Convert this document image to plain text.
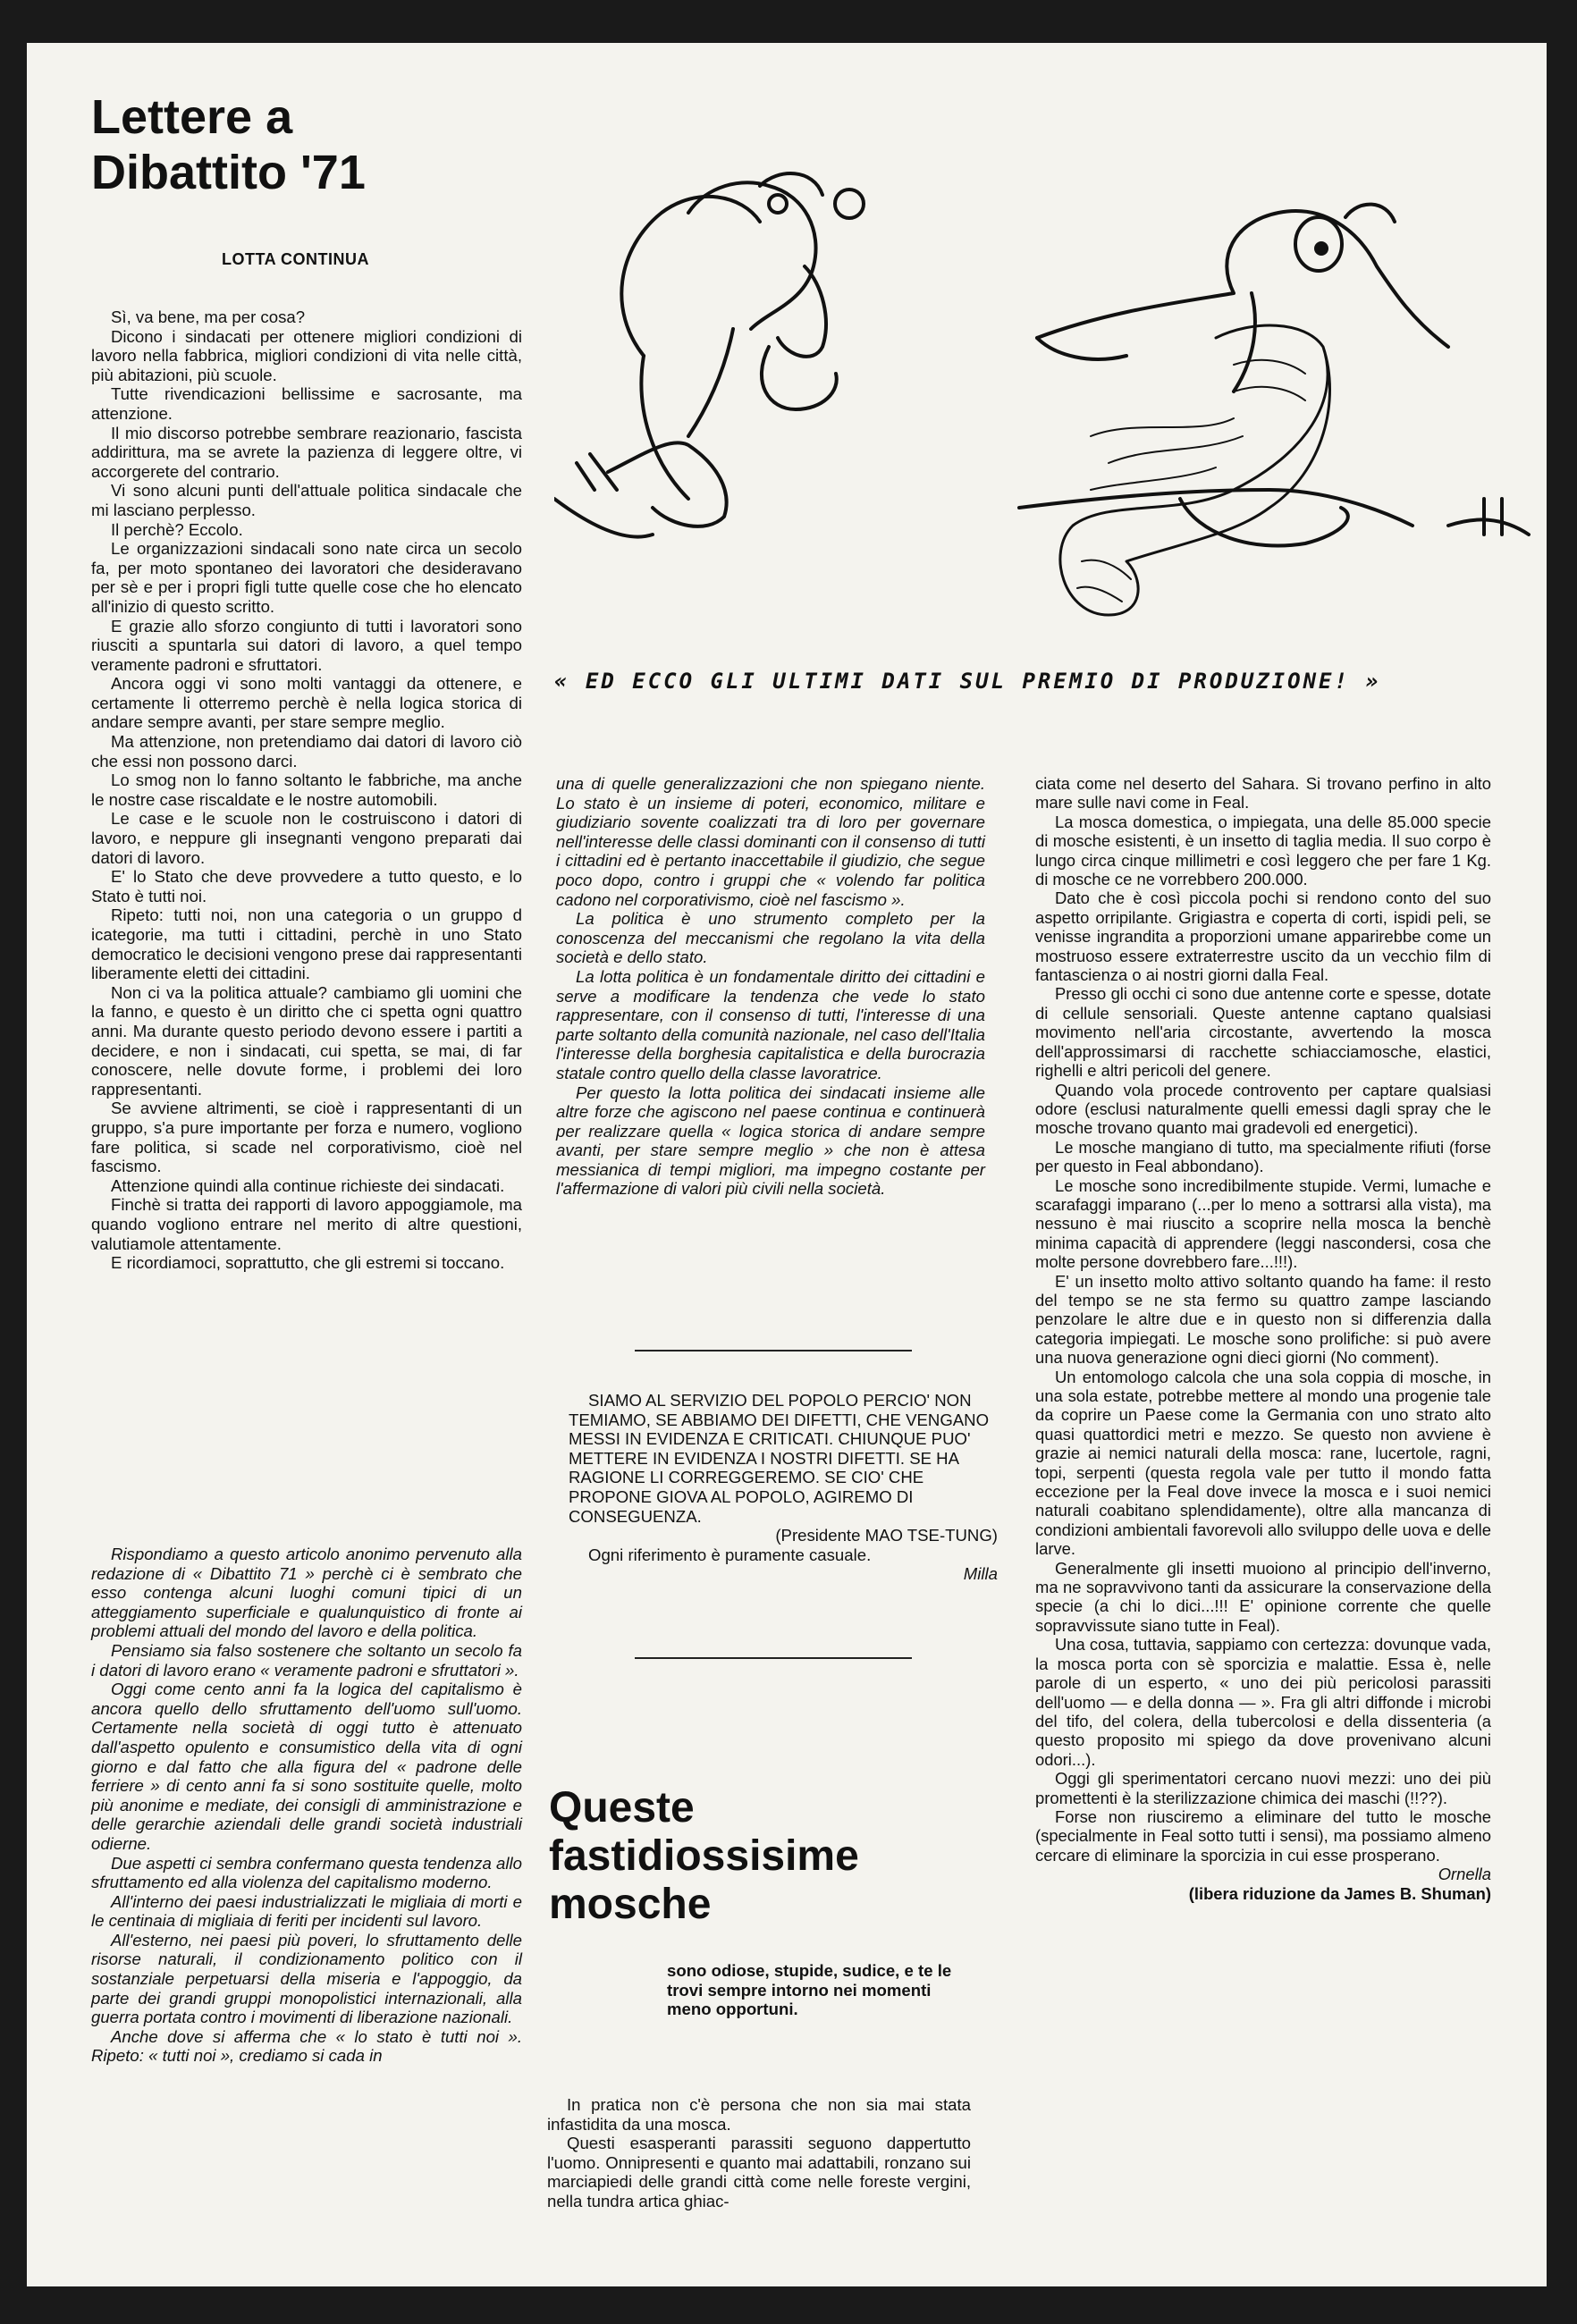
Lettere a
Dibattito '71
LOTTA CONTINUA

Sì, va bene, ma per cosa?

Dicono i sindacati per ottenere migliori condizioni di lavoro nella fabbrica, migliori condizioni di vita nelle città, più abitazioni, più scuole.

Tutte rivendicazioni bellissime e sacrosante, ma attenzione.

Il mio discorso potrebbe sembrare reazionario, fascista addirittura, ma se avrete la pazienza di leggere oltre, vi accorgerete del contrario.

Vi sono alcuni punti dell'attuale politica sindacale che mi lasciano perplesso.

Il perchè? Eccolo.

Le organizzazioni sindacali sono nate circa un secolo fa, per moto spontaneo dei lavoratori che desideravano per sè e per i propri figli tutte quelle cose che ho elencato all'inizio di questo scritto.

E grazie allo sforzo congiunto di tutti i lavoratori sono riusciti a spuntarla sui datori di lavoro, a quel tempo veramente padroni e sfruttatori.

Ancora oggi vi sono molti vantaggi da ottenere, e certamente li otterremo perchè è nella logica storica di andare sempre avanti, per stare sempre meglio.

Ma attenzione, non pretendiamo dai datori di lavoro ciò che essi non possono darci.

Lo smog non lo fanno soltanto le fabbriche, ma anche le nostre case riscaldate e le nostre automobili.

Le case e le scuole non le costruiscono i datori di lavoro, e neppure gli insegnanti vengono preparati dai datori di lavoro.

E' lo Stato che deve provvedere a tutto questo, e lo Stato è tutti noi.

Ripeto: tutti noi, non una categoria o un gruppo d icategorie, ma tutti i cittadini, perchè in uno Stato democratico le decisioni vengono prese dai rappresentanti liberamente eletti dei cittadini.

Non ci va la politica attuale? cambiamo gli uomini che la fanno, e questo è un diritto che ci spetta ogni quattro anni. Ma durante questo periodo devono essere i partiti a decidere, e non i sindacati, cui spetta, se mai, di far conoscere, nelle dovute forme, i problemi dei loro rappresentanti.

Se avviene altrimenti, se cioè i rappresentanti di un gruppo, s'a pure importante per forza e numero, vogliono fare politica, si scade nel corporativismo, cioè nel fascismo.

Attenzione quindi alla continue richieste dei sindacati.

Finchè si tratta dei rapporti di lavoro appoggiamole, ma quando vogliono entrare nel merito di altre questioni, valutiamole attentamente.

E ricordiamoci, soprattutto, che gli estremi si toccano.

« ED ECCO GLI ULTIMI DATI SUL PREMIO DI PRODUZIONE! »

Rispondiamo a questo articolo anonimo pervenuto alla redazione di « Dibattito 71 » perchè ci è sembrato che esso contenga alcuni luoghi comuni tipici di un atteggiamento superficiale e qualunquistico di fronte ai problemi attuali del mondo del lavoro e della politica.

Pensiamo sia falso sostenere che soltanto un secolo fa i datori di lavoro erano « veramente padroni e sfruttatori ».

Oggi come cento anni fa la logica del capitalismo è ancora quello dello sfruttamento dell'uomo sull'uomo. Certamente nella società di oggi tutto è attenuato dall'aspetto opulento e consumistico della vita di ogni giorno e dal fatto che alla figura del « padrone delle ferriere » di cento anni fa si sono sostituite quelle, molto più anonime e mediate, dei consigli di amministrazione e delle gerarchie aziendali delle grandi società industriali odierne.

Due aspetti ci sembra confermano questa tendenza allo sfruttamento ed alla violenza del capitalismo moderno.

All'interno dei paesi industrializzati le migliaia di morti e le centinaia di migliaia di feriti per incidenti sul lavoro.

All'esterno, nei paesi più poveri, lo sfruttamento delle risorse naturali, il condizionamento politico con il sostanziale perpetuarsi della miseria e l'appoggio, da parte dei grandi gruppi monopolistici internazionali, alla guerra portata contro i movimenti di liberazione nazionali.

Anche dove si afferma che « lo stato è tutti noi ». Ripeto: « tutti noi », crediamo si cada in

una di quelle generalizzazioni che non spiegano niente. Lo stato è un insieme di poteri, economico, militare e giudiziario sovente coalizzati tra di loro per governare nell'interesse delle classi dominanti con il consenso di tutti i cittadini ed è pertanto inaccettabile il giudizio, che segue poco dopo, contro i gruppi che « volendo far politica cadono nel corporativismo, cioè nel fascismo ».

La politica è uno strumento completo per la conoscenza del meccanismi che regolano la vita della società e dello stato.

La lotta politica è un fondamentale diritto dei cittadini e serve a modificare la tendenza che vede lo stato rappresentare, con il consenso di tutti, l'interesse di una parte soltanto della comunità nazionale, nel caso dell'Italia l'interesse della borghesia capitalistica e della burocrazia statale contro quello della classe lavoratrice.

Per questo la lotta politica dei sindacati insieme alle altre forze che agiscono nel paese continua e continuerà per realizzare quella « logica storica di andare sempre avanti, per stare sempre meglio » che non è attesa messianica di tempi migliori, ma impegno costante per l'affermazione di valori più civili nella società.

SIAMO AL SERVIZIO DEL POPOLO PERCIO' NON TEMIAMO, SE ABBIAMO DEI DIFETTI, CHE VENGANO MESSI IN EVIDENZA E CRITICATI. CHIUNQUE PUO' METTERE IN EVIDENZA I NOSTRI DIFETTI. SE HA RAGIONE LI CORREGGEREMO. SE CIO' CHE PROPONE GIOVA AL POPOLO, AGIREMO DI CONSEGUENZA.

(Presidente MAO TSE-TUNG)

Ogni riferimento è puramente casuale.

Milla

Queste
fastidiossisime
mosche
sono odiose, stupide, sudice, e te le trovi sempre intorno nei momenti meno opportuni.

In pratica non c'è persona che non sia mai stata infastidita da una mosca.

Questi esasperanti parassiti seguono dappertutto l'uomo. Onnipresenti e quanto mai adattabili, ronzano sui marciapiedi delle grandi città come nelle foreste vergini, nella tundra artica ghiac-

ciata come nel deserto del Sahara. Si trovano perfino in alto mare sulle navi come in Feal.

La mosca domestica, o impiegata, una delle 85.000 specie di mosche esistenti, è un insetto di taglia media. Il suo corpo è lungo circa cinque millimetri e così leggero che per fare 1 Kg. di mosche ce ne vorrebbero 200.000.

Dato che è così piccola pochi si rendono conto del suo aspetto orripilante. Grigiastra e coperta di corti, ispidi peli, se venisse ingrandita a proporzioni umane apparirebbe come un mostruoso essere extraterrestre uscito da un vecchio film di fantascienza o ai nostri giorni dalla Feal.

Presso gli occhi ci sono due antenne corte e spesse, dotate di cellule sensoriali. Queste antenne captano qualsiasi movimento nell'aria circostante, avvertendo la mosca dell'approssimarsi di racchette schiacciamosche, elastici, righelli e altri pericoli del genere.

Quando vola procede controvento per captare qualsiasi odore (esclusi naturalmente quelli emessi dagli spray che le mosche trovano quanto mai gradevoli ed energetici).

Le mosche mangiano di tutto, ma specialmente rifiuti (forse per questo in Feal abbondano).

Le mosche sono incredibilmente stupide. Vermi, lumache e scarafaggi imparano (...per lo meno a sottrarsi alla vista), ma nessuno è mai riuscito a scoprire nella mosca la benchè minima capacità di apprendere (leggi nascondersi, cosa che molte persone dovrebbero fare...!!!).

E' un insetto molto attivo soltanto quando ha fame: il resto del tempo se ne sta fermo su quattro zampe lasciando penzolare le altre due e in questo non si differenzia dalla categoria impiegati. Le mosche sono prolifiche: si può avere una nuova generazione ogni dieci giorni (No comment).

Un entomologo calcola che una sola coppia di mosche, in una sola estate, potrebbe mettere al mondo una progenie tale da coprire un Paese come la Germania con uno strato alto quasi quattordici metri e mezzo. Se questo non avviene è grazie ai nemici naturali della mosca: rane, lucertole, ragni, topi, serpenti (questa regola vale per tutto il mondo fatta eccezione per la Feal dove invece la mosca e i suoi nemici naturali coabitano splendidamente), oltre alla mancanza di condizioni ambientali favorevoli allo sviluppo delle uova e delle larve.

Generalmente gli insetti muoiono al principio dell'inverno, ma ne sopravvivono tanti da assicurare la conservazione della specie (a chi lo dici...!!! E' opinione corrente che quelle sopravvissute siano tutte in Feal).

Una cosa, tuttavia, sappiamo con certezza: dovunque vada, la mosca porta con sè sporcizia e malattie. Essa è, nelle parole di un esperto, « uno dei più pericolosi parassiti dell'uomo — e della donna — ». Fra gli altri diffonde i microbi del tifo, del colera, della tubercolosi e della dissenteria (a questo proposito mi spiego da dove provenivano alcuni odori...).

Oggi gli sperimentatori cercano nuovi mezzi: uno dei più promettenti è la sterilizzazione chimica dei maschi (!!??).

Forse non riusciremo a eliminare del tutto le mosche (specialmente in Feal sotto tutti i sensi), ma possiamo almeno cercare di eliminare la sporcizia in cui esse prosperano.

Ornella

(libera riduzione da James B. Shuman)
